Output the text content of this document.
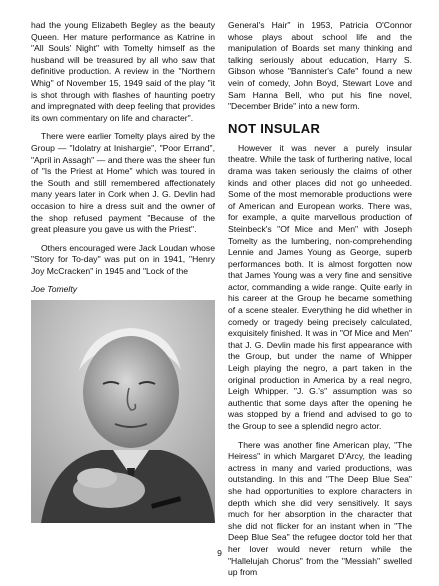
had the young Elizabeth Begley as the beauty Queen. Her mature performance as Katrine in "All Souls' Night" with Tomelty himself as the husband will be treasured by all who saw that definitive production. A review in the "Northern Whig" of November 15, 1949 said of the play "it is shot through with flashes of haunting poetry and impregnated with deep feeling that provides its own commentary on life and character".

There were earlier Tomelty plays aired by the Group — "Idolatry at Inishargie", "Poor Errand", "April in Assagh" — and there was the sheer fun of "Is the Priest at Home" which was toured in the South and still remembered affectionately many years later in Cork when J. G. Devlin had occasion to hire a dress suit and the owner of the shop refused payment "Because of the great pleasure you gave us with the Priest".

Others encouraged were Jack Loudan whose "Story for To-day" was put on in 1941, "Henry Joy McCracken" in 1945 and "Lock of the

Joe Tomelty

General's Hair" in 1953, Patricia O'Connor whose plays about school life and the manipulation of Boards set many thinking and talking seriously about education, Harry S. Gibson whose "Bannister's Cafe" found a new vein of comedy, John Boyd, Stewart Love and Sam Hanna Bell, who put his fine novel, "December Bride" into a new form.

NOT INSULAR

However it was never a purely insular theatre. While the task of furthering native, local drama was taken seriously the claims of other kinds and other places did not go unheeded. Some of the most memorable productions were of American and European works. There was, for example, a quite marvellous production of Steinbeck's "Of Mice and Men" with Joseph Tomelty as the lumbering, non-comprehending Lennie and James Young as George, superb performances both. It is almost forgotten now that James Young was a very fine and sensitive actor, commanding a wide range. Quite early in his career at the Group he became something of a scene stealer. Everything he did whether in comedy or tragedy being precisely calculated, exquisitely finished. It was in "Of Mice and Men" that J. G. Devlin made his first appearance with the Group, but under the name of Whipper Leigh playing the negro, a part taken in the original production in America by a real negro, Leigh Whipper. "J. G.'s" assumption was so authentic that some days after the opening he was stopped by a friend and advised to go to the Group to see a splendid negro actor.

There was another fine American play, "The Heiress" in which Margaret D'Arcy, the leading actress in many and varied productions, was outstanding. In this and "The Deep Blue Sea" she had opportunities to explore characters in depth which she did very sensitively. It says much for her absorption in the character that she did not flicker for an instant when in "The Deep Blue Sea" the refugee doctor told her that her lover would never return while the "Hallelujah Chorus" from the "Messiah" swelled up from

9
